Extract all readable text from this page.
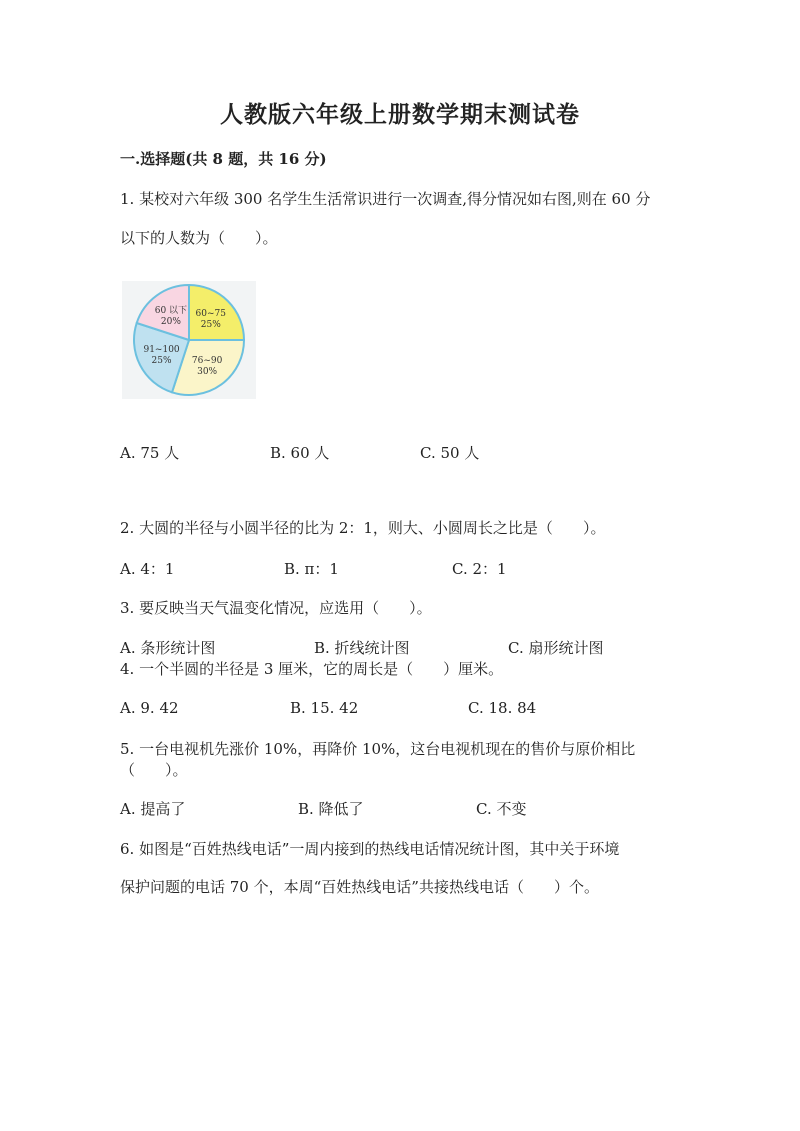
人教版六年级上册数学期末测试卷
一.选择题(共 8 题，共 16 分)
1. 某校对六年级 300 名学生生活常识进行一次调查,得分情况如右图,则在 60 分
以下的人数为（　　）。
60~75
25%
76~90
30%
91~100
25%
60 以下
20%
A. 75 人	B. 60 人	C. 50 人
2. 大圆的半径与小圆半径的比为 2：1，则大、小圆周长之比是（　　）。
A. 4：1	B. π：1	C. 2：1
3. 要反映当天气温变化情况，应选用（　　）。
A. 条形统计图	B. 折线统计图	C. 扇形统计图
4. 一个半圆的半径是 3 厘米，它的周长是（　　）厘米。
A. 9. 42	B. 15. 42	C. 18. 84
5. 一台电视机先涨价 10%，再降价 10%，这台电视机现在的售价与原价相比
（　　）。
A. 提高了	B. 降低了	C. 不变
6. 如图是“百姓热线电话”一周内接到的热线电话情况统计图，其中关于环境
保护问题的电话 70 个，本周“百姓热线电话”共接热线电话（　　）个。
